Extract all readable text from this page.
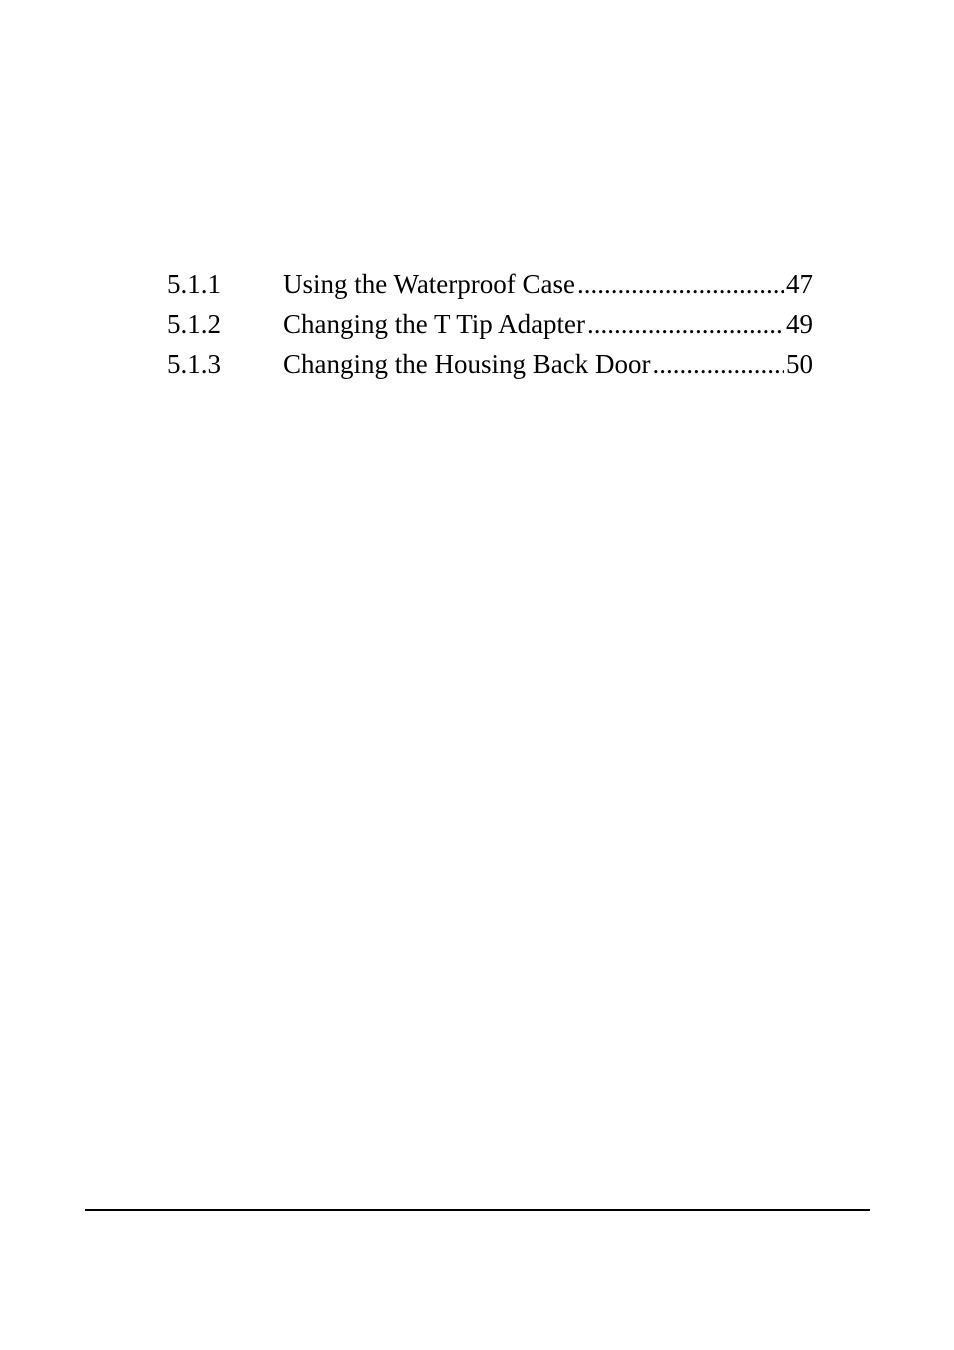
5.1.1	Using the Waterproof Case .....	47
5.1.2	Changing the T Tip Adapter .....	49
5.1.3	Changing the Housing Back Door .....	50
